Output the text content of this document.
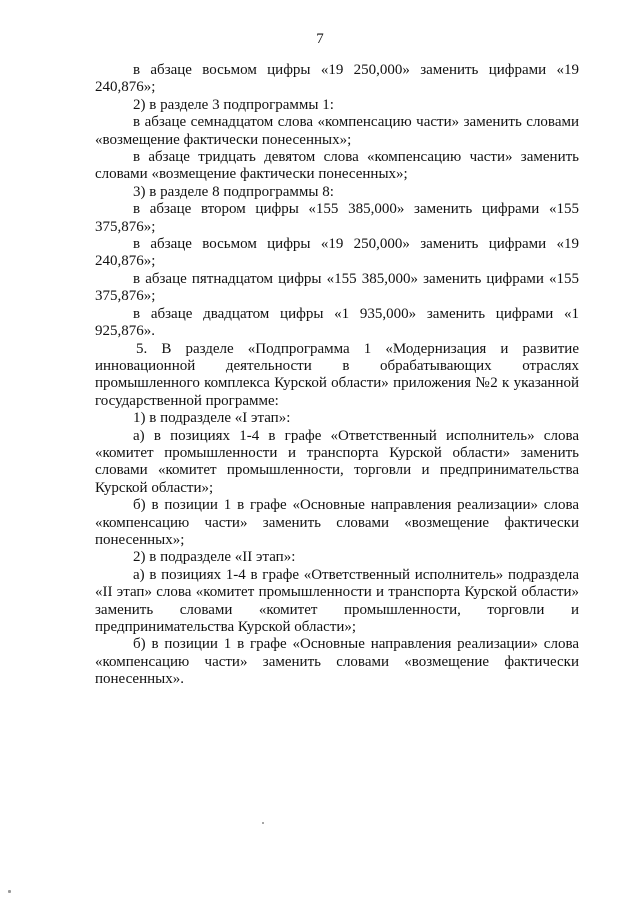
7

в абзаце восьмом цифры «19 250,000» заменить цифрами «19 240,876»;

2) в разделе 3 подпрограммы 1:

в абзаце семнадцатом слова «компенсацию части» заменить словами «возмещение фактически понесенных»;

в абзаце тридцать девятом слова «компенсацию части» заменить словами «возмещение фактически понесенных»;

3) в разделе 8 подпрограммы 8:

в абзаце втором цифры «155 385,000» заменить цифрами «155 375,876»;

в абзаце восьмом цифры «19 250,000» заменить цифрами «19 240,876»;

в абзаце пятнадцатом цифры «155 385,000» заменить цифрами «155 375,876»;

в абзаце двадцатом цифры «1 935,000» заменить цифрами «1 925,876».

5. В разделе «Подпрограмма 1 «Модернизация и развитие инновационной деятельности в обрабатывающих отраслях промышленного комплекса Курской области» приложения №2 к указанной государственной программе:

1) в подразделе «I этап»:

а) в позициях 1-4 в графе «Ответственный исполнитель» слова «комитет промышленности и транспорта Курской области» заменить словами «комитет промышленности, торговли и предпринимательства Курской области»;

б) в позиции 1 в графе «Основные направления реализации» слова «компенсацию части» заменить словами «возмещение фактически понесенных»;

2) в подразделе «II этап»:

а) в позициях 1-4 в графе «Ответственный исполнитель» подраздела «II этап» слова «комитет промышленности и транспорта Курской области» заменить словами «комитет промышленности, торговли и предпринимательства Курской области»;

б) в позиции 1 в графе «Основные направления реализации» слова «компенсацию части» заменить словами «возмещение фактически понесенных».
